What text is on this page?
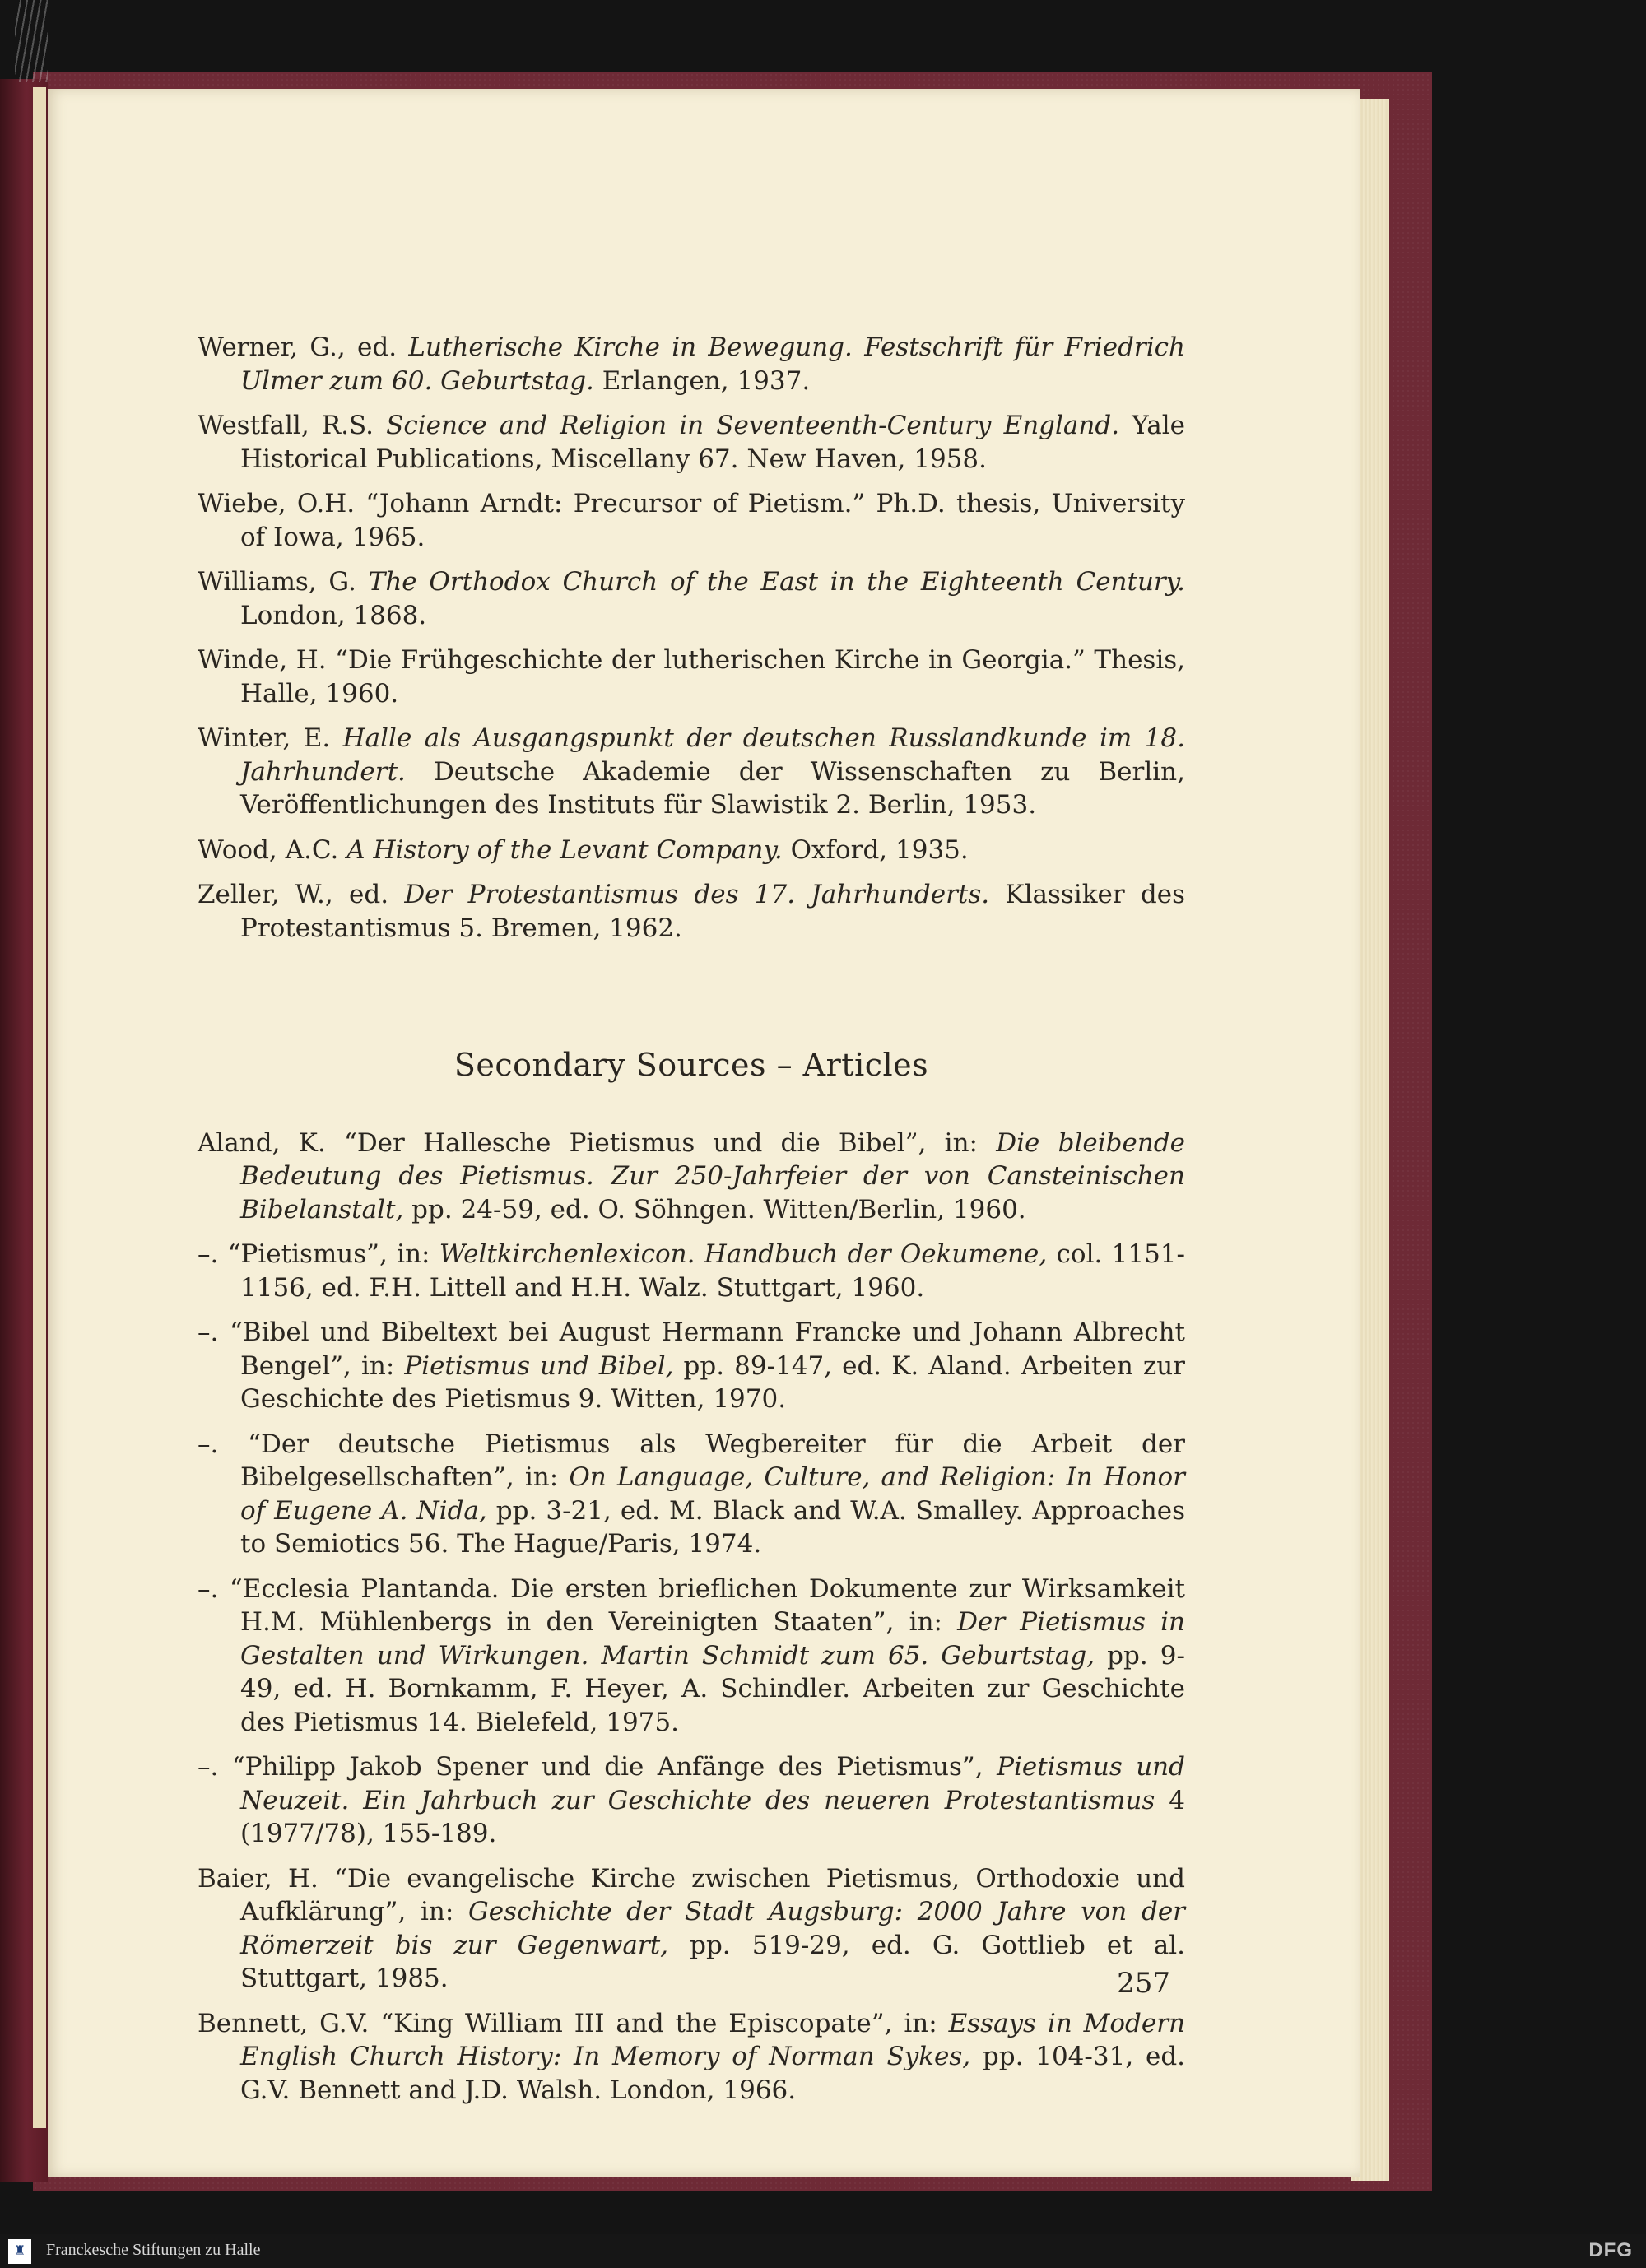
Werner, G., ed. Lutherische Kirche in Bewegung. Festschrift für Friedrich Ulmer zum 60. Geburtstag. Erlangen, 1937.

Westfall, R.S. Science and Religion in Seventeenth-Century England. Yale Historical Publications, Miscellany 67. New Haven, 1958.

Wiebe, O.H. “Johann Arndt: Precursor of Pietism.” Ph.D. thesis, University of Iowa, 1965.

Williams, G. The Orthodox Church of the East in the Eighteenth Century. London, 1868.

Winde, H. “Die Frühgeschichte der lutherischen Kirche in Georgia.” Thesis, Halle, 1960.

Winter, E. Halle als Ausgangspunkt der deutschen Russlandkunde im 18. Jahrhundert. Deutsche Akademie der Wissenschaften zu Berlin, Veröffentlichungen des Instituts für Slawistik 2. Berlin, 1953.

Wood, A.C. A History of the Levant Company. Oxford, 1935.

Zeller, W., ed. Der Protestantismus des 17. Jahrhunderts. Klassiker des Protestantismus 5. Bremen, 1962.

Secondary Sources – Articles

Aland, K. “Der Hallesche Pietismus und die Bibel”, in: Die bleibende Bedeutung des Pietismus. Zur 250-Jahrfeier der von Cansteinischen Bibelanstalt, pp. 24-59, ed. O. Söhngen. Witten/Berlin, 1960.

–. “Pietismus”, in: Weltkirchenlexicon. Handbuch der Oekumene, col. 1151-1156, ed. F.H. Littell and H.H. Walz. Stuttgart, 1960.

–. “Bibel und Bibeltext bei August Hermann Francke und Johann Albrecht Bengel”, in: Pietismus und Bibel, pp. 89-147, ed. K. Aland. Arbeiten zur Geschichte des Pietismus 9. Witten, 1970.

–. “Der deutsche Pietismus als Wegbereiter für die Arbeit der Bibelgesellschaften”, in: On Language, Culture, and Religion: In Honor of Eugene A. Nida, pp. 3-21, ed. M. Black and W.A. Smalley. Approaches to Semiotics 56. The Hague/Paris, 1974.

–. “Ecclesia Plantanda. Die ersten brieflichen Dokumente zur Wirksamkeit H.M. Mühlenbergs in den Vereinigten Staaten”, in: Der Pietismus in Gestalten und Wirkungen. Martin Schmidt zum 65. Geburtstag, pp. 9-49, ed. H. Bornkamm, F. Heyer, A. Schindler. Arbeiten zur Geschichte des Pietismus 14. Bielefeld, 1975.

–. “Philipp Jakob Spener und die Anfänge des Pietismus”, Pietismus und Neuzeit. Ein Jahrbuch zur Geschichte des neueren Protestantismus 4 (1977/78), 155-189.

Baier, H. “Die evangelische Kirche zwischen Pietismus, Orthodoxie und Aufklärung”, in: Geschichte der Stadt Augsburg: 2000 Jahre von der Römerzeit bis zur Gegenwart, pp. 519-29, ed. G. Gottlieb et al. Stuttgart, 1985.

Bennett, G.V. “King William III and the Episcopate”, in: Essays in Modern English Church History: In Memory of Norman Sykes, pp. 104-31, ed. G.V. Bennett and J.D. Walsh. London, 1966.

257
♜	Franckesche Stiftungen zu Halle	DFG
